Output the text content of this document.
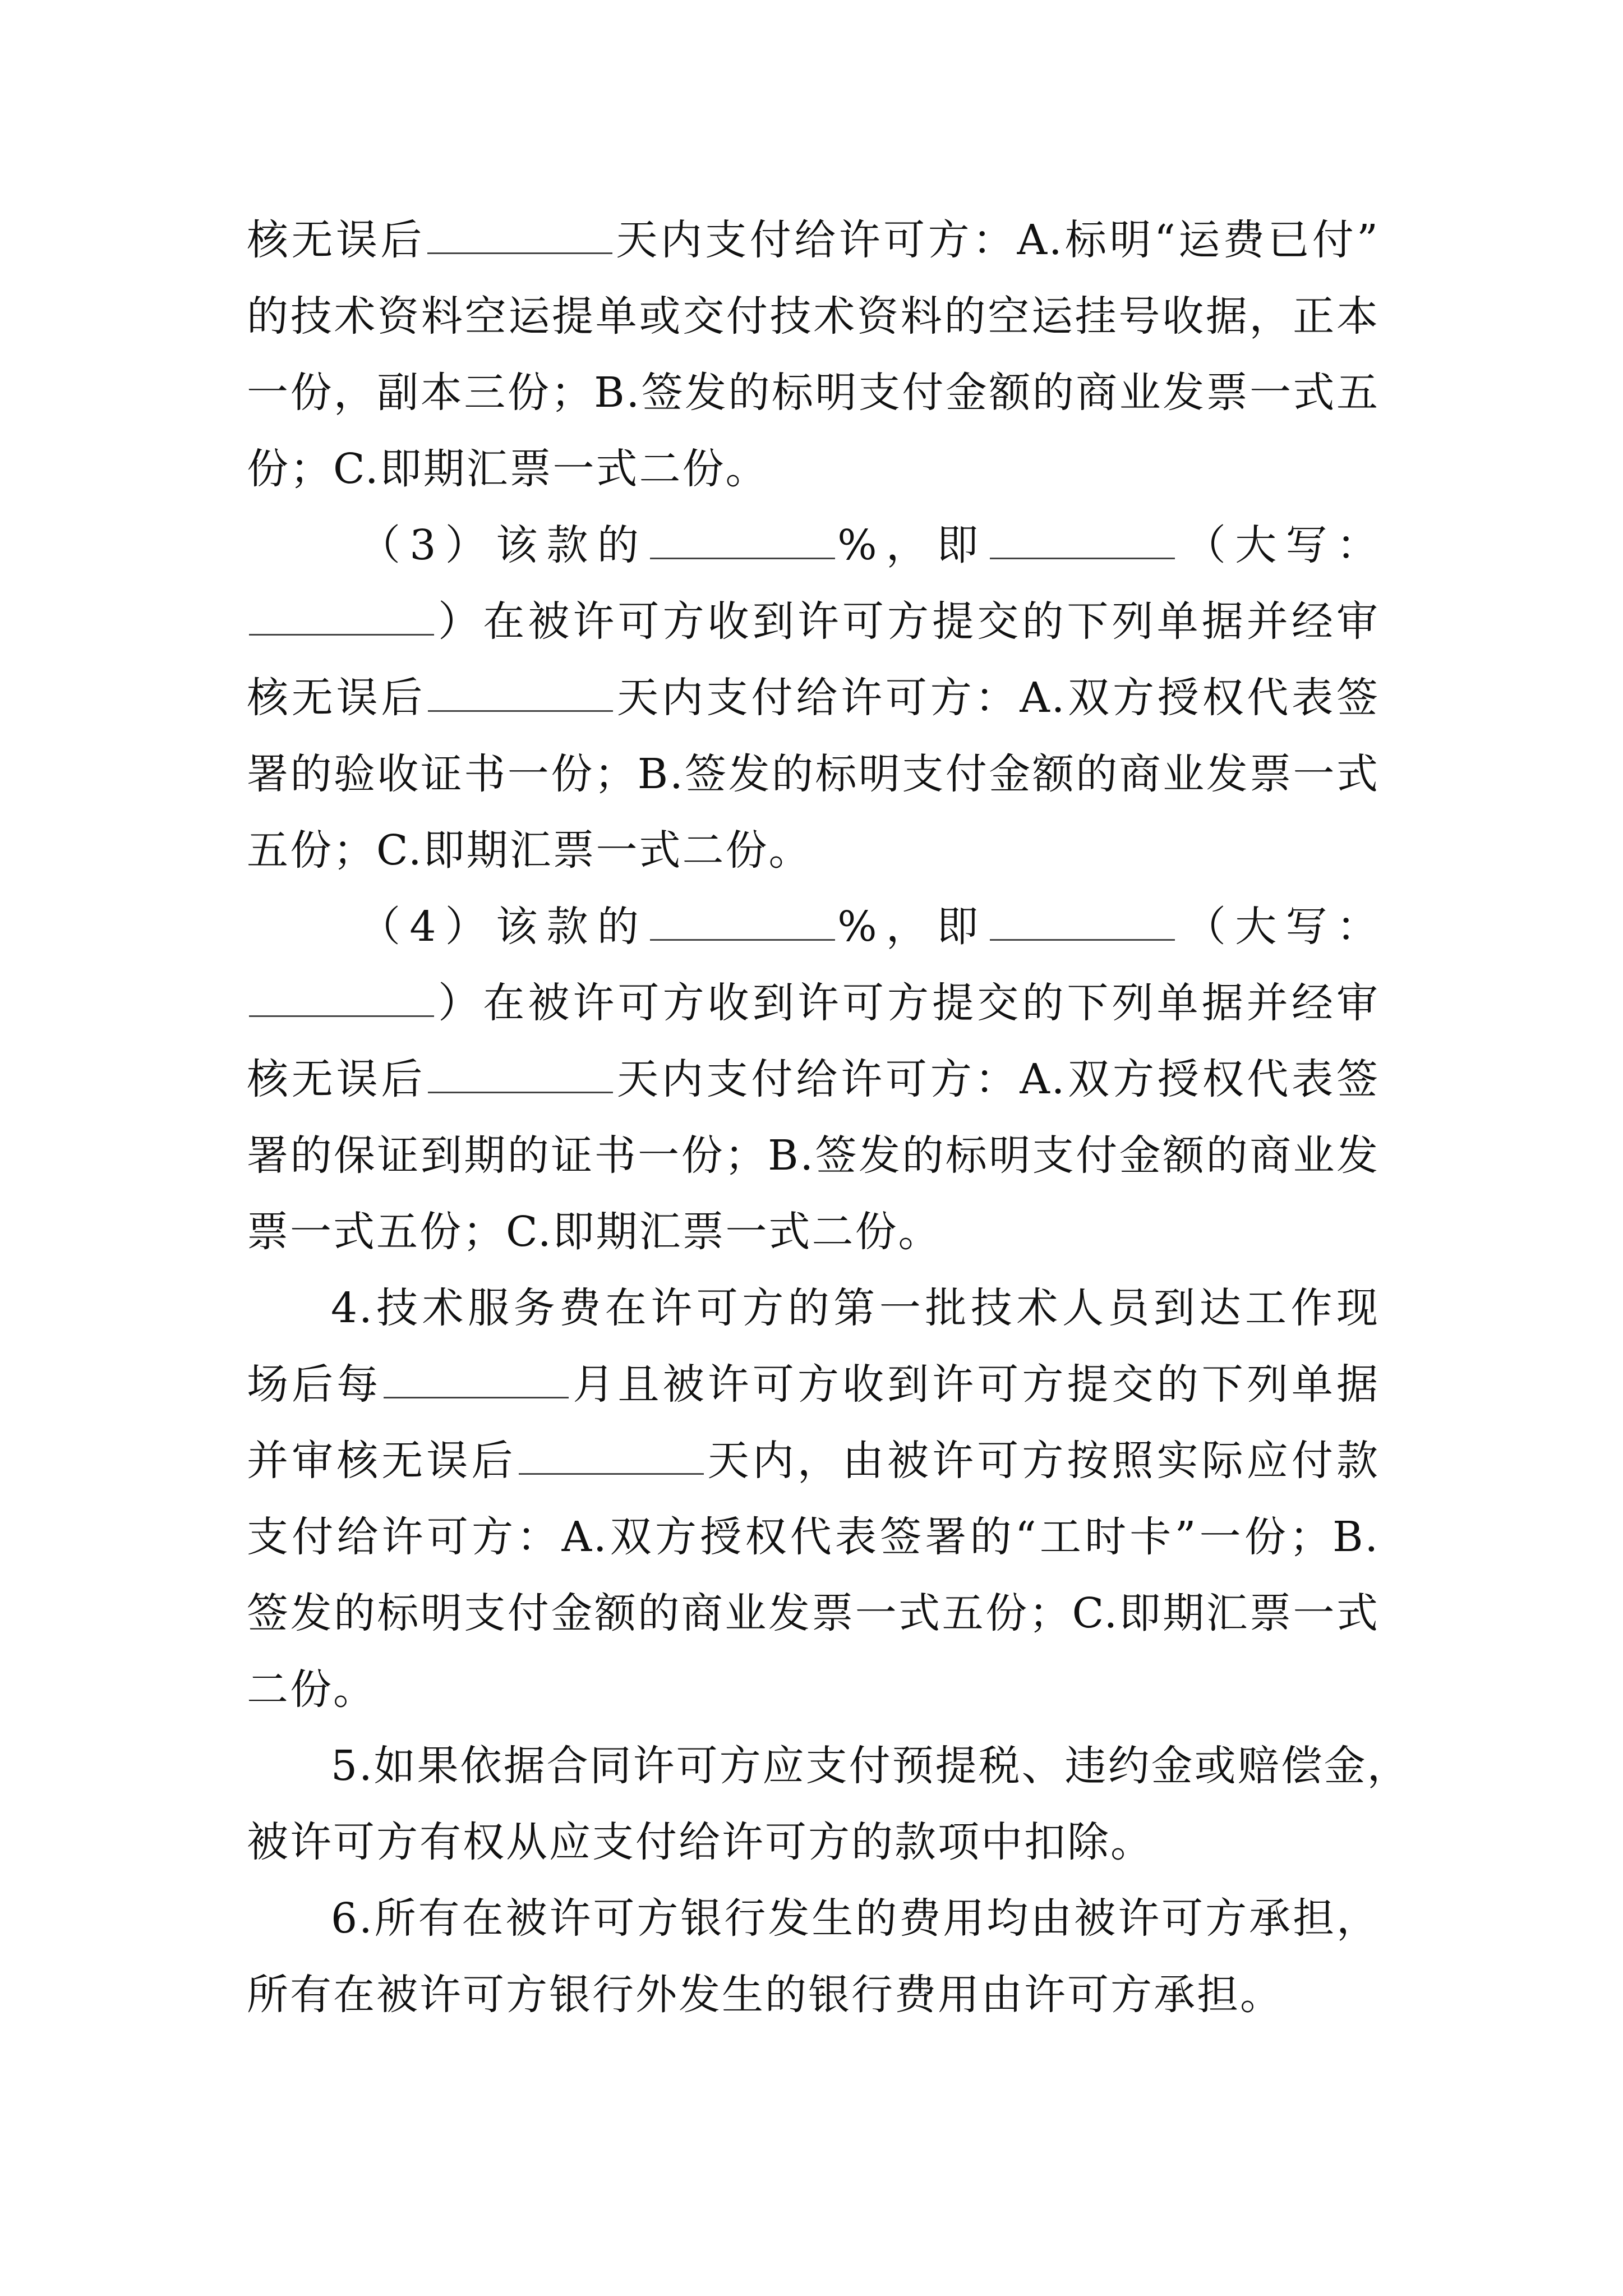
核无误后	天内支付给许可方：A.标明“运费已付”
的技术资料空运提单或交付技术资料的空运挂号收据，正本
一份，副本三份；B.签发的标明支付金额的商业发票一式五
份；C.即期汇票一式二份。
（3）该款的	%，即	（大写：
）在被许可方收到许可方提交的下列单据并经审
核无误后	天内支付给许可方：A.双方授权代表签
署的验收证书一份；B.签发的标明支付金额的商业发票一式
五份；C.即期汇票一式二份。
（4）该款的	%，即	（大写：
）在被许可方收到许可方提交的下列单据并经审
核无误后	天内支付给许可方：A.双方授权代表签
署的保证到期的证书一份；B.签发的标明支付金额的商业发
票一式五份；C.即期汇票一式二份。
4.技术服务费在许可方的第一批技术人员到达工作现
场后每	月且被许可方收到许可方提交的下列单据
并审核无误后	天内，由被许可方按照实际应付款
支付给许可方：A.双方授权代表签署的“工时卡”一份；B.
签发的标明支付金额的商业发票一式五份；C.即期汇票一式
二份。
5.如果依据合同许可方应支付预提税、违约金或赔偿金，
被许可方有权从应支付给许可方的款项中扣除。
6.所有在被许可方银行发生的费用均由被许可方承担，
所有在被许可方银行外发生的银行费用由许可方承担。
